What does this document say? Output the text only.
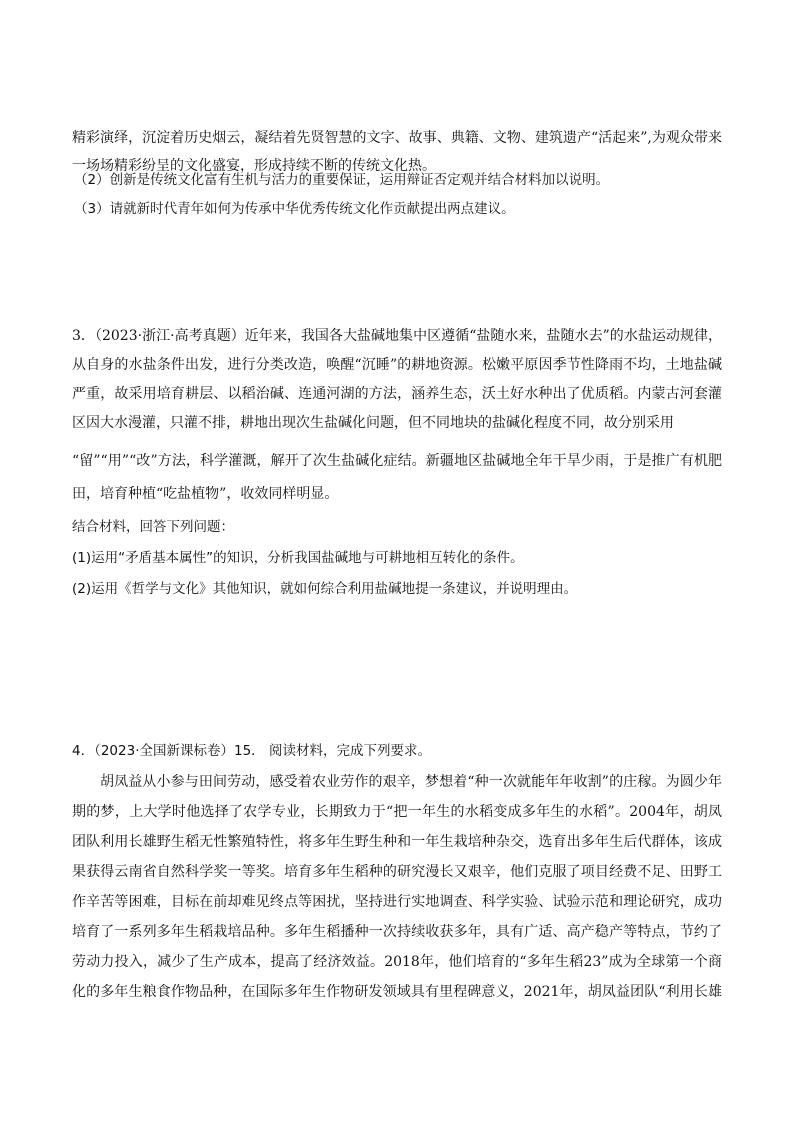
精彩演绎，沉淀着历史烟云，凝结着先贤智慧的文字、故事、典籍、文物、建筑遗产“活起来”,为观众带来
一场场精彩纷呈的文化盛宴，形成持续不断的传统文化热。
（2）创新是传统文化富有生机与活力的重要保证，运用辩证否定观并结合材料加以说明。
（3）请就新时代青年如何为传承中华优秀传统文化作贡献提出两点建议。
3．（2023·浙江·高考真题）近年来，我国各大盐碱地集中区遵循“盐随水来，盐随水去”的水盐运动规律，
从自身的水盐条件出发，进行分类改造，唤醒“沉睡”的耕地资源。松嫩平原因季节性降雨不均，土地盐碱
严重，故采用培育耕层、以稻治碱、连通河湖的方法，涵养生态，沃土好水种出了优质稻。内蒙古河套灌
区因大水漫灌，只灌不排，耕地出现次生盐碱化问题，但不同地块的盐碱化程度不同，故分别采用
“留”“用”“改”方法，科学灌溉，解开了次生盐碱化症结。新疆地区盐碱地全年干旱少雨，于是推广有机肥
田，培育种植“吃盐植物”，收效同样明显。
结合材料，回答下列问题：
(1)运用“矛盾基本属性”的知识，分析我国盐碱地与可耕地相互转化的条件。
(2)运用《哲学与文化》其他知识，就如何综合利用盐碱地提一条建议，并说明理由。
4．（2023·全国新课标卷）15． 阅读材料，完成下列要求。
胡凤益从小参与田间劳动，感受着农业劳作的艰辛，梦想着“种一次就能年年收割”的庄稼。为圆少年
期的梦，上大学时他选择了农学专业，长期致力于“把一年生的水稻变成多年生的水稻”。2004年，胡凤
团队利用长雄野生稻无性繁殖特性，将多年生野生种和一年生栽培种杂交，选育出多年生后代群体，该成
果获得云南省自然科学奖一等奖。培育多年生稻种的研究漫长又艰辛，他们克服了项目经费不足、田野工
作辛苦等困难，目标在前却难见终点等困扰，坚持进行实地调查、科学实验、试验示范和理论研究，成功
培育了一系列多年生稻栽培品种。多年生稻播种一次持续收获多年，具有广适、高产稳产等特点，节约了
劳动力投入，减少了生产成本，提高了经济效益。2018年，他们培育的“多年生稻23”成为全球第一个商
化的多年生粮食作物品种，在国际多年生作物研发领域具有里程碑意义，2021年，胡凤益团队“利用长雄
